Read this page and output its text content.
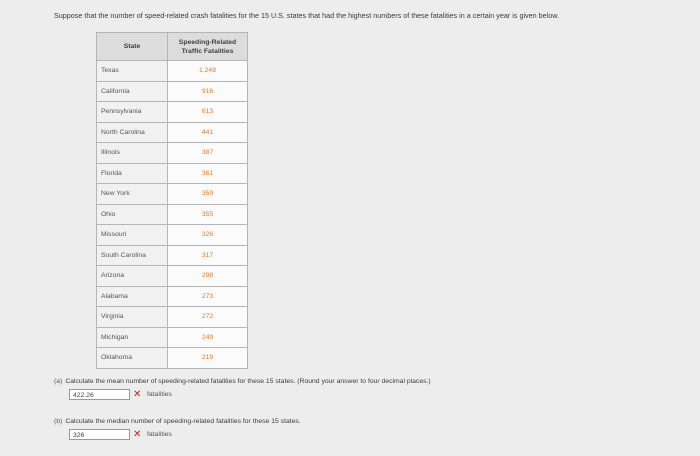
Suppose that the number of speed-related crash fatalities for the 15 U.S. states that had the highest numbers of these fatalities in a certain year is given below.
State	Speeding-Related
Traffic Fatalities
Texas	1,248
California	916
Pennsylvania	613
North Carolina	441
Illinois	387
Florida	361
New York	359
Ohio	355
Missouri	326
South Carolina	317
Arizona	298
Alabama	273
Virginia	272
Michigan	249
Oklahoma	219
(a) Calculate the mean number of speeding-related fatalities for these 15 states. (Round your answer to four decimal places.)
422.26	✕ fatalities
(b) Calculate the median number of speeding-related fatalities for these 15 states.
326	✕ fatalities
